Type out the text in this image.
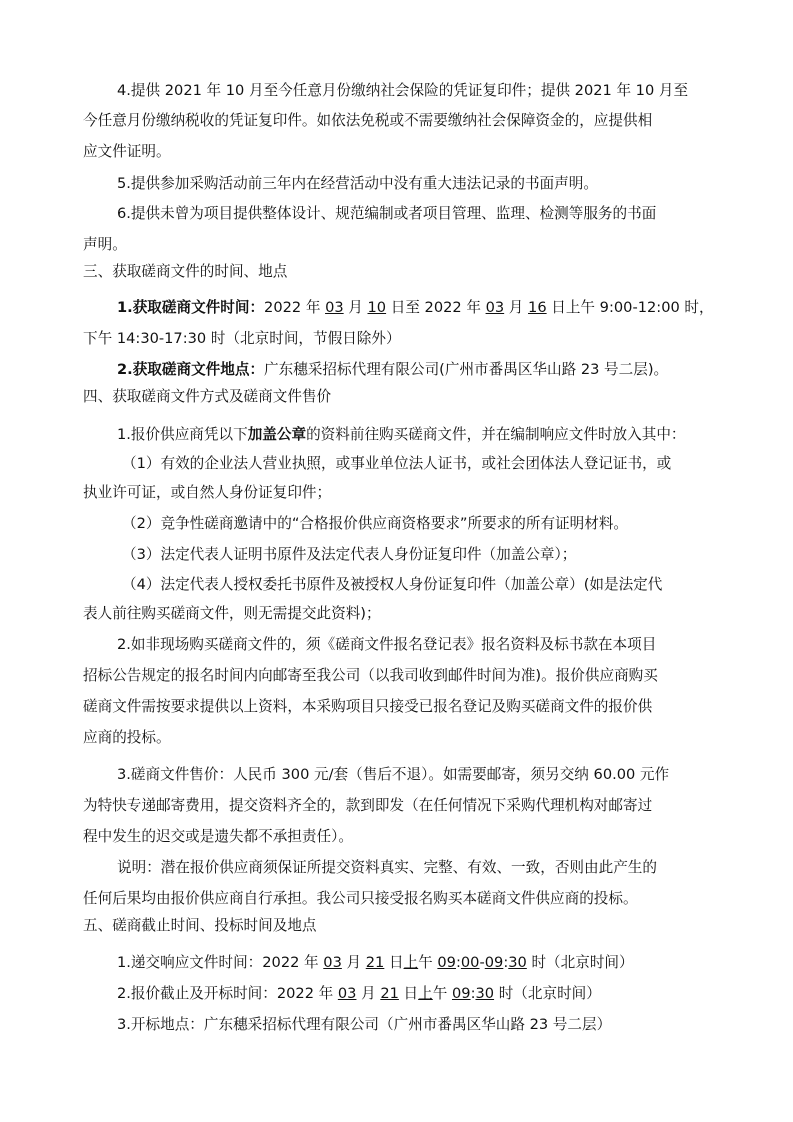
4.提供 2021 年 10 月至今任意月份缴纳社会保险的凭证复印件；提供 2021 年 10 月至
今任意月份缴纳税收的凭证复印件。如依法免税或不需要缴纳社会保障资金的，应提供相
应文件证明。
5.提供参加采购活动前三年内在经营活动中没有重大违法记录的书面声明。
6.提供未曾为项目提供整体设计、规范编制或者项目管理、监理、检测等服务的书面
声明。
三、获取磋商文件的时间、地点
1.获取磋商文件时间：2022 年 03 月 10 日至 2022 年 03 月 16 日上午 9:00-12:00 时，
下午 14:30-17:30 时（北京时间，节假日除外）
2.获取磋商文件地点：广东穗采招标代理有限公司(广州市番禺区华山路 23 号二层)。
四、获取磋商文件方式及磋商文件售价
1.报价供应商凭以下加盖公章的资料前往购买磋商文件，并在编制响应文件时放入其中：
（1）有效的企业法人营业执照，或事业单位法人证书，或社会团体法人登记证书，或
执业许可证，或自然人身份证复印件；
（2）竞争性磋商邀请中的“合格报价供应商资格要求”所要求的所有证明材料。
（3）法定代表人证明书原件及法定代表人身份证复印件（加盖公章）；
（4）法定代表人授权委托书原件及被授权人身份证复印件（加盖公章）(如是法定代
表人前往购买磋商文件，则无需提交此资料)；
2.如非现场购买磋商文件的，须《磋商文件报名登记表》报名资料及标书款在本项目
招标公告规定的报名时间内向邮寄至我公司（以我司收到邮件时间为准)。报价供应商购买
磋商文件需按要求提供以上资料，本采购项目只接受已报名登记及购买磋商文件的报价供
应商的投标。
3.磋商文件售价：人民币 300 元/套（售后不退）。如需要邮寄，须另交纳 60.00 元作
为特快专递邮寄费用，提交资料齐全的，款到即发（在任何情况下采购代理机构对邮寄过
程中发生的迟交或是遗失都不承担责任）。
说明：潜在报价供应商须保证所提交资料真实、完整、有效、一致，否则由此产生的
任何后果均由报价供应商自行承担。我公司只接受报名购买本磋商文件供应商的投标。
五、磋商截止时间、投标时间及地点
1.递交响应文件时间：2022 年 03 月 21 日上午 09:00-09:30 时（北京时间）
2.报价截止及开标时间：2022 年 03 月 21 日上午 09:30 时（北京时间）
3.开标地点：广东穗采招标代理有限公司（广州市番禺区华山路 23 号二层）
